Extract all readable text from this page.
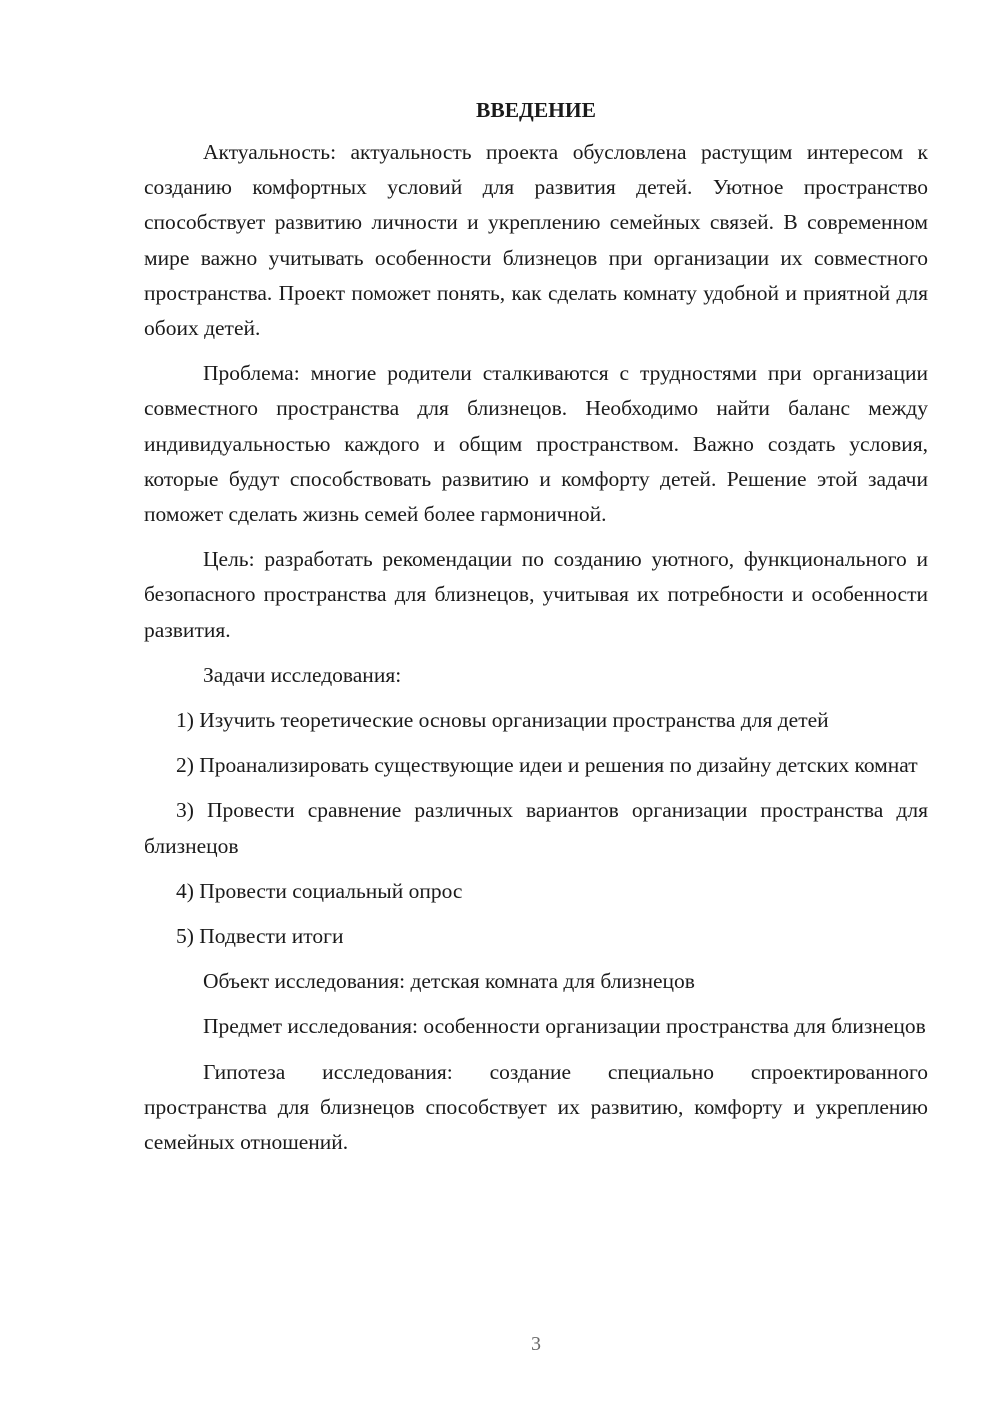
ВВЕДЕНИЕ

Актуальность: актуальность проекта обусловлена растущим интересом к созданию комфортных условий для развития детей. Уютное пространство способствует развитию личности и укреплению семейных связей. В современном мире важно учитывать особенности близнецов при организации их совместного пространства. Проект поможет понять, как сделать комнату удобной и приятной для обоих детей.

Проблема: многие родители сталкиваются с трудностями при организации совместного пространства для близнецов. Необходимо найти баланс между индивидуальностью каждого и общим пространством. Важно создать условия, которые будут способствовать развитию и комфорту детей. Решение этой задачи поможет сделать жизнь семей более гармоничной.

Цель: разработать рекомендации по созданию уютного, функционального и безопасного пространства для близнецов, учитывая их потребности и особенности развития.

Задачи исследования:

1) Изучить теоретические основы организации пространства для детей

2) Проанализировать существующие идеи и решения по дизайну детских комнат

3) Провести сравнение различных вариантов организации пространства для близнецов

4) Провести социальный опрос

5) Подвести итоги

Объект исследования: детская комната для близнецов

Предмет исследования: особенности организации пространства для близнецов

Гипотеза исследования: создание специально спроектированного пространства для близнецов способствует их развитию, комфорту и укреплению семейных отношений.

3
